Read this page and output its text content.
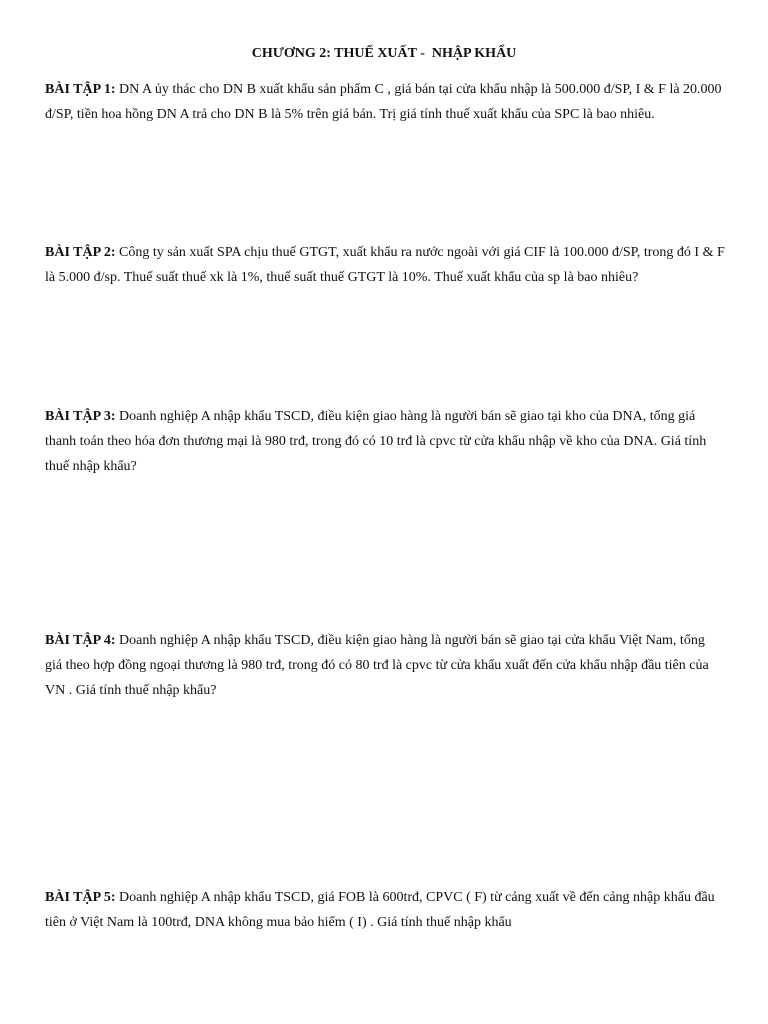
CHƯƠNG 2: THUẾ XUẤT -  NHẬP KHẨU

BÀI TẬP 1: DN A ủy thác cho DN B xuất khẩu sản phẩm C , giá bán tại cửa khẩu nhập là 500.000 đ/SP, I & F là 20.000 đ/SP, tiền hoa hồng DN A trả cho DN B là 5% trên giá bán. Trị giá tính thuế xuất khẩu của SPC là bao nhiêu.

BÀI TẬP 2: Công ty sản xuất SPA chịu thuế GTGT, xuất khẩu ra nước ngoài với giá CIF là 100.000 đ/SP, trong đó I & F là 5.000 đ/sp. Thuế suất thuế xk là 1%, thuế suất thuế GTGT là 10%. Thuế xuất khẩu của sp là bao nhiêu?

BÀI TẬP 3: Doanh nghiệp A nhập khẩu TSCD, điều kiện giao hàng là người bán sẽ giao tại kho của DNA, tổng giá thanh toán theo hóa đơn thương mại là 980 trđ, trong đó có 10 trđ là cpvc từ cửa khẩu nhập về kho của DNA. Giá tính thuế nhập khẩu?

BÀI TẬP 4: Doanh nghiệp A nhập khẩu TSCD, điều kiện giao hàng là người bán sẽ giao tại cửa khẩu Việt Nam, tổng giá theo hợp đồng ngoại thương là 980 trđ, trong đó có 80 trđ là cpvc từ cửa khẩu xuất đến cửa khẩu nhập đầu tiên của VN . Giá tính thuế nhập khẩu?

BÀI TẬP 5: Doanh nghiệp A nhập khẩu TSCD, giá FOB là 600trđ, CPVC ( F) từ cảng xuất về đến cảng nhập khẩu đầu tiên ở Việt Nam là 100trđ, DNA không mua bảo hiểm ( I) . Giá tính thuế nhập khẩu
